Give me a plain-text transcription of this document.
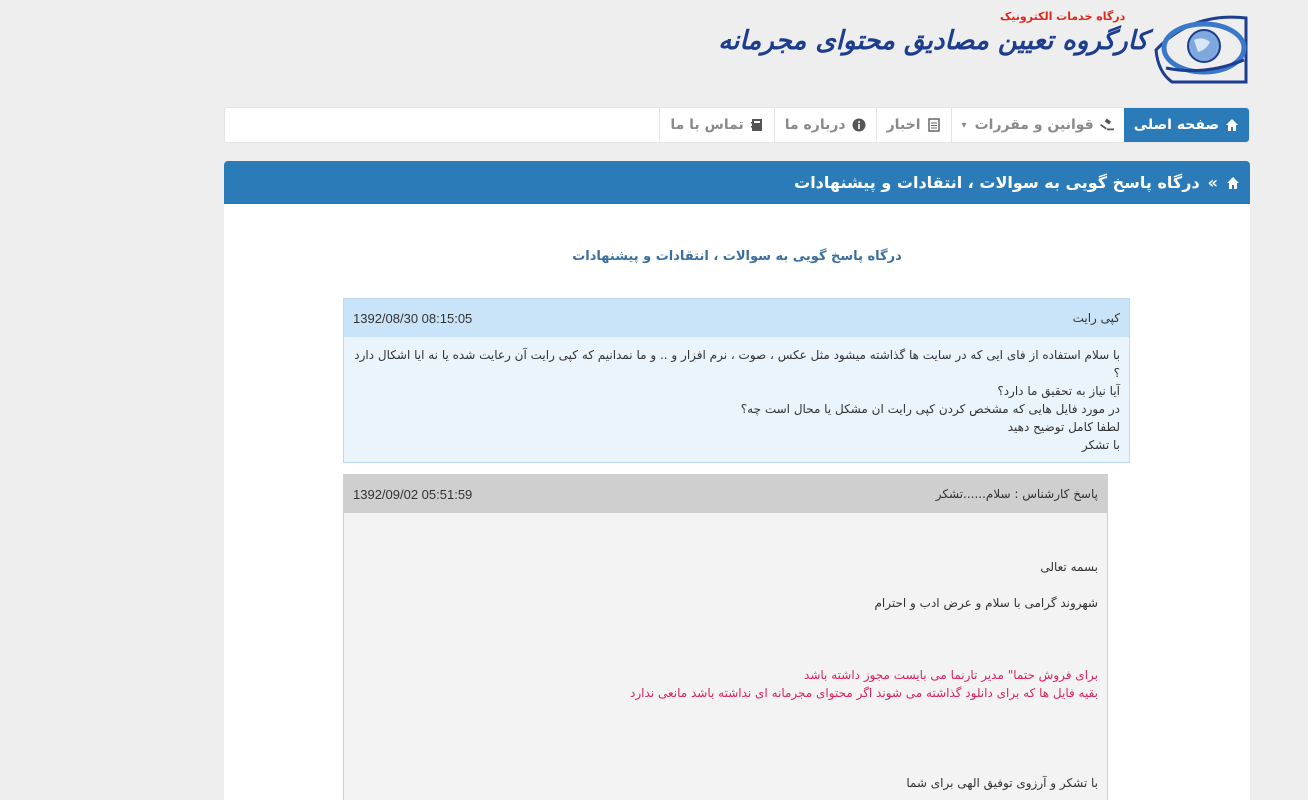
درگاه خدمات الکترونیک
کارگروه تعیین مصادیق محتوای مجرمانه
صفحه اصلی
قوانین و مقررات
▾
اخبار
درباره ما
تماس با ما
»
درگاه پاسخ گویی به سوالات ، انتقادات و پیشنهادات
درگاه پاسخ گویی به سوالات ، انتقادات و پیشنهادات
1392/08/30 08:15:05	کپی رایت
با سلام استفاده از فای ایی که در سایت ها گذاشته میشود مثل عکس ، صوت ، نرم افزار و .. و ما نمدانیم که کپی رایت آن رعایت شده یا نه ایا اشکال دارد ؟
آیا نیاز به تحقیق ما دارد؟
در مورد فایل هایی که مشخص کردن کپی رایت ان مشکل یا محال است چه؟
لطفا کامل توضیح دهید
با تشکر
1392/09/02 05:51:59	پاسخ کارشناس : سلام......تشکر
بسمه تعالی
شهروند گرامی با سلام و عرض ادب و احترام
برای فروش حتما" مدیر تارنما می بایست مجوز داشته باشد
بقیه فایل ها که برای دانلود گذاشته می شوند اگر محتوای مجرمانه ای نداشته باشد مانعی ندارد
با تشکر و آرزوی توفیق الهی برای شما
